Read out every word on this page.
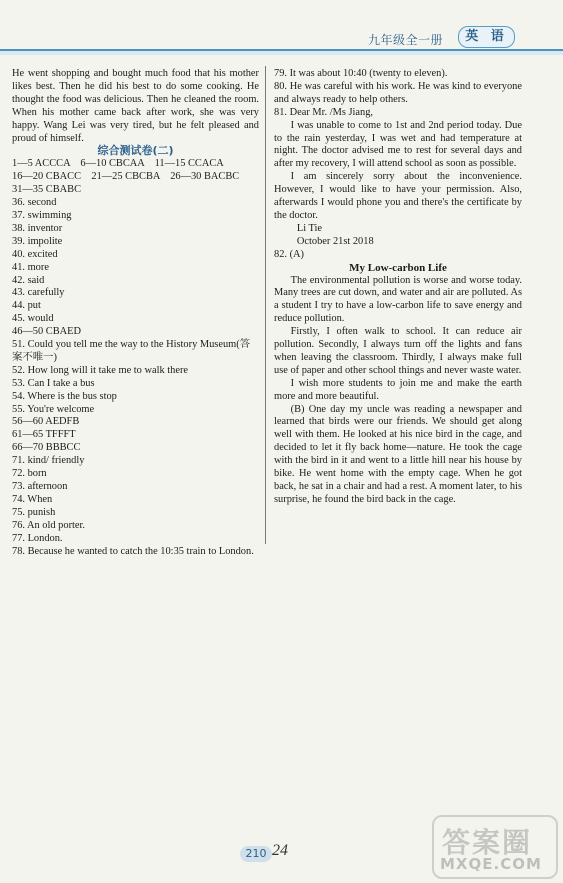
九年级全一册	英 语

He went shopping and bought much food that his mother likes best. Then he did his best to do some cooking. He thought the food was delicious. Then he cleaned the room. When his mother came back after work, she was very happy. Wang Lei was very tired, but he felt pleased and proud of himself.

综合测试卷(二)

1—5 ACCCA　6—10 CBCAA　11—15 CCACA

16—20 CBACC　21—25 CBCBA　26—30 BACBC

31—35 CBABC

36. second

37. swimming

38. inventor

39. impolite

40. excited

41. more

42. said

43. carefully

44. put

45. would

46—50 CBAED

51. Could you tell me the way to the History Museum(答案不唯一)

52. How long will it take me to walk there

53. Can I take a bus

54. Where is the bus stop

55. You're welcome

56—60 AEDFB

61—65 TFFFT

66—70 BBBCC

71. kind/ friendly

72. born

73. afternoon

74. When

75. punish

76. An old porter.

77. London.

78. Because he wanted to catch the 10:35 train to London.

79. It was about 10:40 (twenty to eleven).

80. He was careful with his work. He was kind to everyone and always ready to help others.

81. Dear Mr. /Ms Jiang,

I was unable to come to 1st and 2nd period today. Due to the rain yesterday, I was wet and had temperature at night. The doctor advised me to rest for several days and after my recovery, I will attend school as soon as possible.

I am sincerely sorry about the inconvenience. However, I would like to have your permission. Also, afterwards I would phone you and there's the certificate by the doctor.

Li Tie

October 21st 2018

82. (A)

My Low-carbon Life

The environmental pollution is worse and worse today. Many trees are cut down, and water and air are polluted. As a student I try to have a low-carbon life to save energy and reduce pollution.

Firstly, I often walk to school. It can reduce air pollution. Secondly, I always turn off the lights and fans when leaving the classroom. Thirdly, I always make full use of paper and other school things and never waste water.

I wish more students to join me and make the earth more and more beautiful.

(B) One day my uncle was reading a newspaper and learned that birds were our friends. We should get along well with them. He looked at his nice bird in the cage, and decided to let it fly back home—nature. He took the cage with the bird in it and went to a little hill near his house by bike. He went home with the empty cage. When he got back, he sat in a chair and had a rest. A moment later, to his surprise, he found the bird back in the cage.

210 24	答案圈
MXQE.COM
